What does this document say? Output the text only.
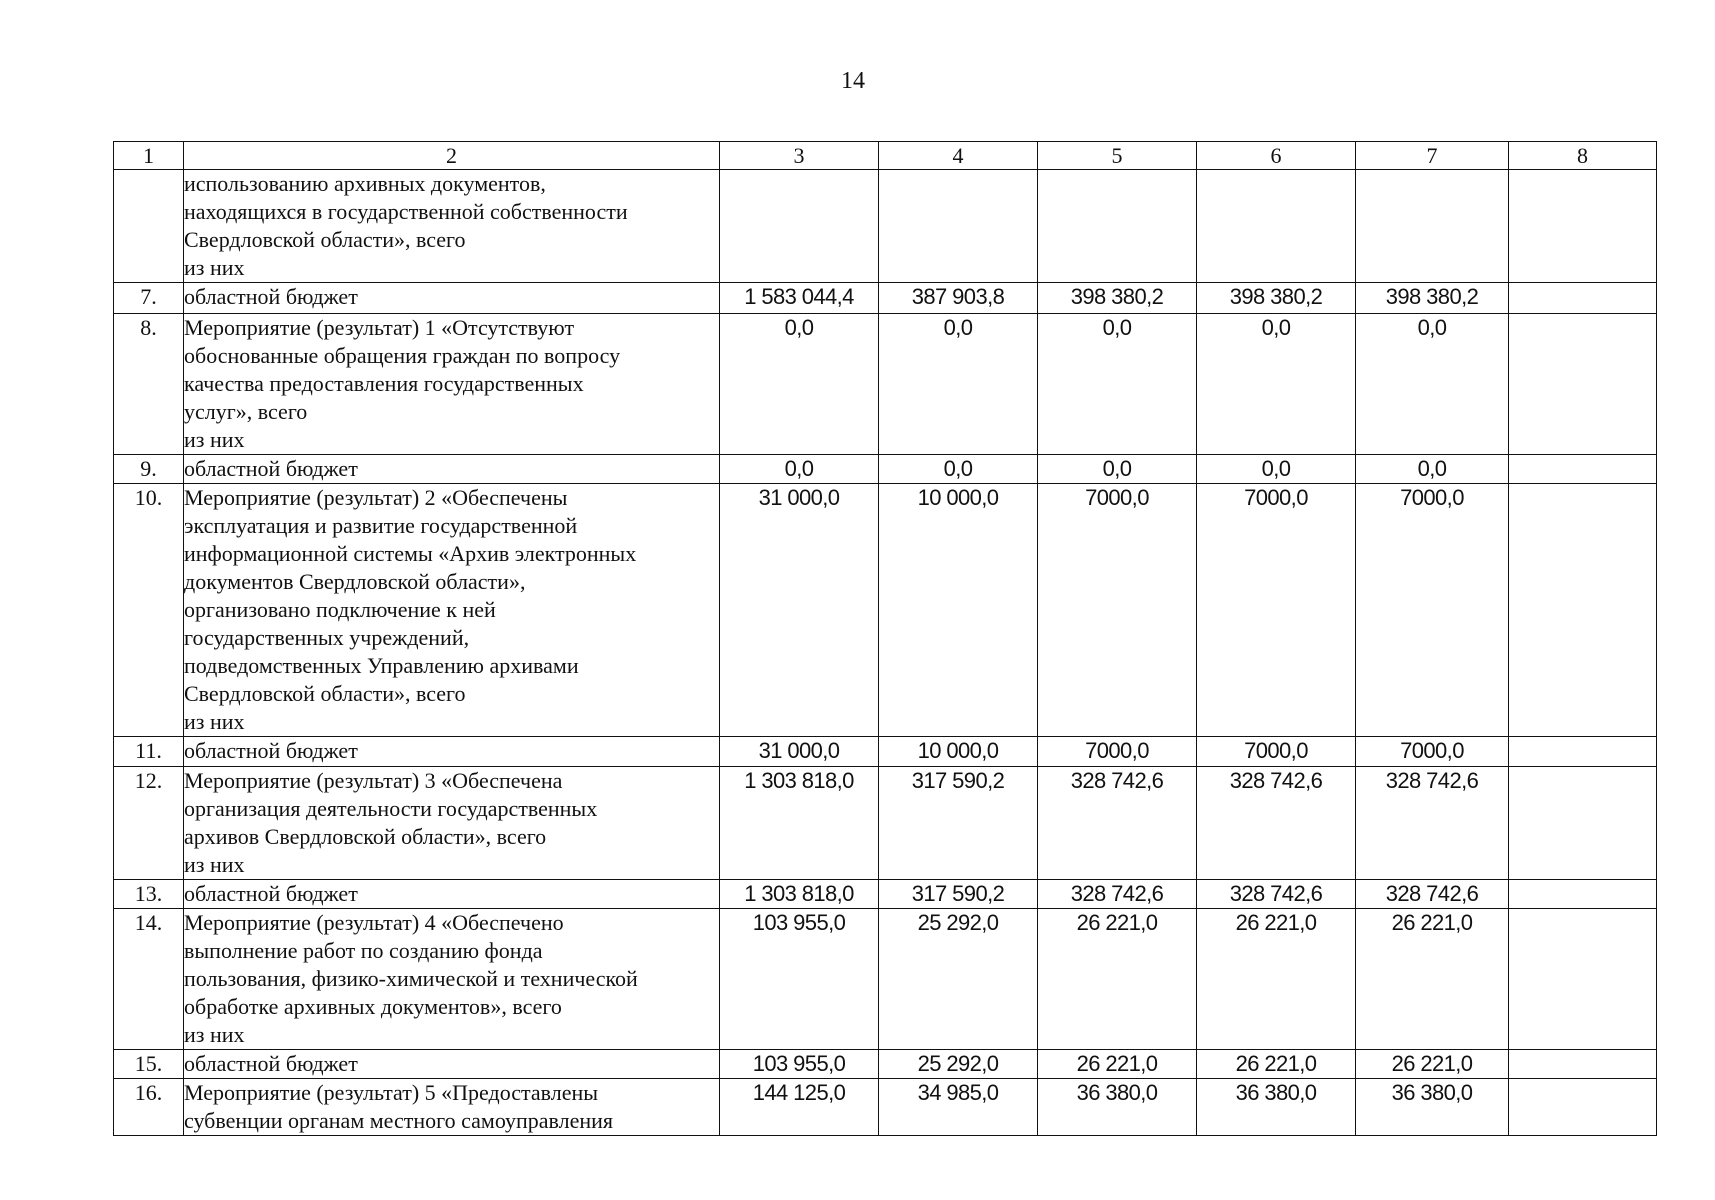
14
1	2	3	4	5	6	7	8

	использованию архивных документов,
находящихся в государственной собственности
Свердловской области», всего
из них						

7.	областной бюджет	1 583 044,4	387 903,8	398 380,2	398 380,2	398 380,2	
8.	Мероприятие (результат) 1 «Отсутствуют
обоснованные обращения граждан по вопросу
качества предоставления государственных
услуг», всего
из них	0,0	0,0	0,0	0,0	0,0	
9.	областной бюджет	0,0	0,0	0,0	0,0	0,0	
10.	Мероприятие (результат) 2 «Обеспечены
эксплуатация и развитие государственной
информационной системы «Архив электронных
документов Свердловской области»,
организовано подключение к ней
государственных учреждений,
подведомственных Управлению архивами
Свердловской области», всего
из них
	31 000,0	10 000,0	7000,0	7000,0	7000,0	
11.	областной бюджет	31 000,0	10 000,0	7000,0	7000,0	7000,0	
12.	Мероприятие (результат) 3 «Обеспечена
организация деятельности государственных
архивов Свердловской области», всего
из них	1 303 818,0	317 590,2	328 742,6	328 742,6	328 742,6	
13.	областной бюджет	1 303 818,0	317 590,2	328 742,6	328 742,6	328 742,6	
14.	Мероприятие (результат) 4 «Обеспечено
выполнение работ по созданию фонда
пользования, физико-химической и технической
обработке архивных документов», всего
из них	103 955,0	25 292,0	26 221,0	26 221,0	26 221,0	
15.	областной бюджет	103 955,0	25 292,0	26 221,0	26 221,0	26 221,0	
16.	Мероприятие (результат) 5 «Предоставлены
субвенции органам местного самоуправления	144 125,0	34 985,0	36 380,0	36 380,0	36 380,0	
